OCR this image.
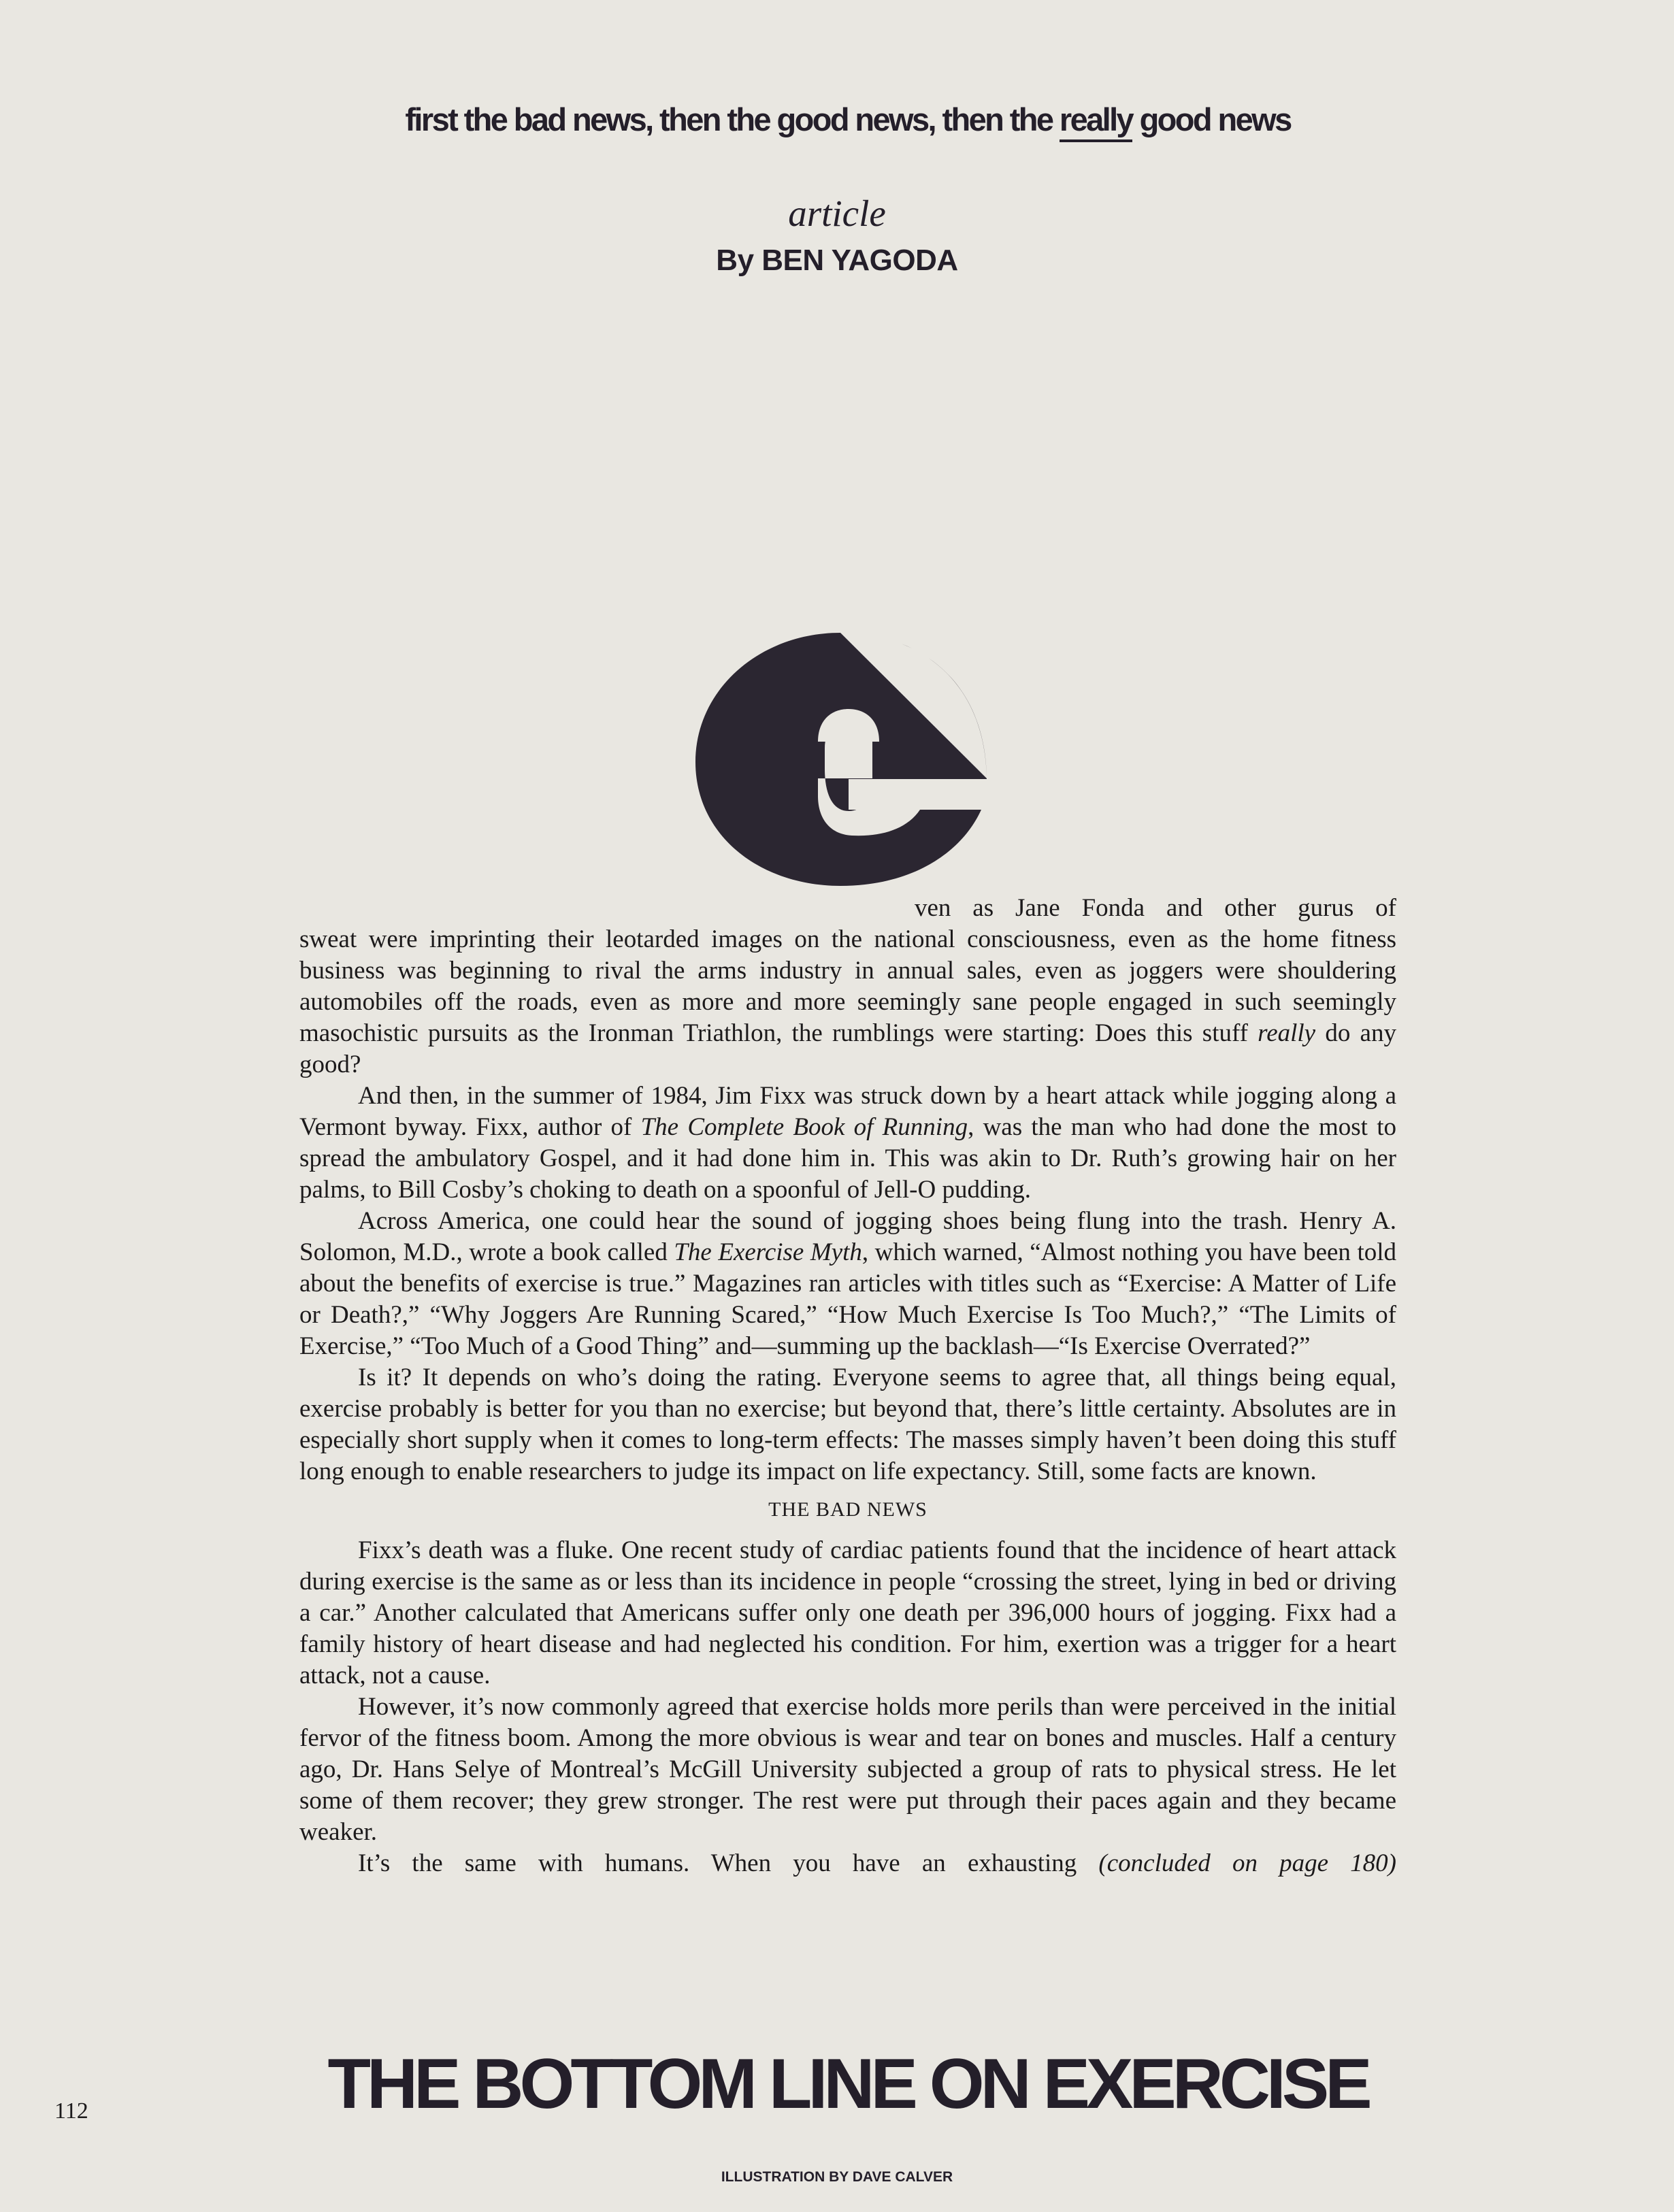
first the bad news, then the good news, then the really good news
article
By BEN YAGODA

ven as Jane Fonda and other gurus of
sweat were imprinting their leotarded images on the national consciousness, even as the home fitness business was beginning to rival the arms industry in annual sales, even as joggers were shouldering automobiles off the roads, even as more and more seemingly sane people engaged in such seemingly masochistic pursuits as the Ironman Triathlon, the rumblings were starting: Does this stuff really do any good?

And then, in the summer of 1984, Jim Fixx was struck down by a heart attack while jogging along a Vermont byway. Fixx, author of The Complete Book of Running, was the man who had done the most to spread the ambulatory Gospel, and it had done him in. This was akin to Dr. Ruth’s growing hair on her palms, to Bill Cosby’s choking to death on a spoonful of Jell-O pudding.

Across America, one could hear the sound of jogging shoes being flung into the trash. Henry A. Solomon, M.D., wrote a book called The Exercise Myth, which warned, “Almost nothing you have been told about the benefits of exercise is true.” Magazines ran articles with titles such as “Exercise: A Matter of Life or Death?,” “Why Joggers Are Running Scared,” “How Much Exercise Is Too Much?,” “The Limits of Exercise,” “Too Much of a Good Thing” and—summing up the backlash—“Is Exercise Overrated?”

Is it? It depends on who’s doing the rating. Everyone seems to agree that, all things being equal, exercise probably is better for you than no exercise; but beyond that, there’s little certainty. Absolutes are in especially short supply when it comes to long-term effects: The masses simply haven’t been doing this stuff long enough to enable researchers to judge its impact on life expectancy. Still, some facts are known.

THE BAD NEWS

Fixx’s death was a fluke. One recent study of cardiac patients found that the incidence of heart attack during exercise is the same as or less than its incidence in people “crossing the street, lying in bed or driving a car.” Another calculated that Americans suffer only one death per 396,000 hours of jogging. Fixx had a family history of heart disease and had neglected his condition. For him, exertion was a trigger for a heart attack, not a cause.

However, it’s now commonly agreed that exercise holds more perils than were perceived in the initial fervor of the fitness boom. Among the more obvious is wear and tear on bones and muscles. Half a century ago, Dr. Hans Selye of Montreal’s McGill University subjected a group of rats to physical stress. He let some of them recover; they grew stronger. The rest were put through their paces again and they became weaker.

It’s the same with humans. When you have an exhausting (concluded on page 180)

THE BOTTOM LINE ON EXERCISE
112
ILLUSTRATION BY DAVE CALVER
